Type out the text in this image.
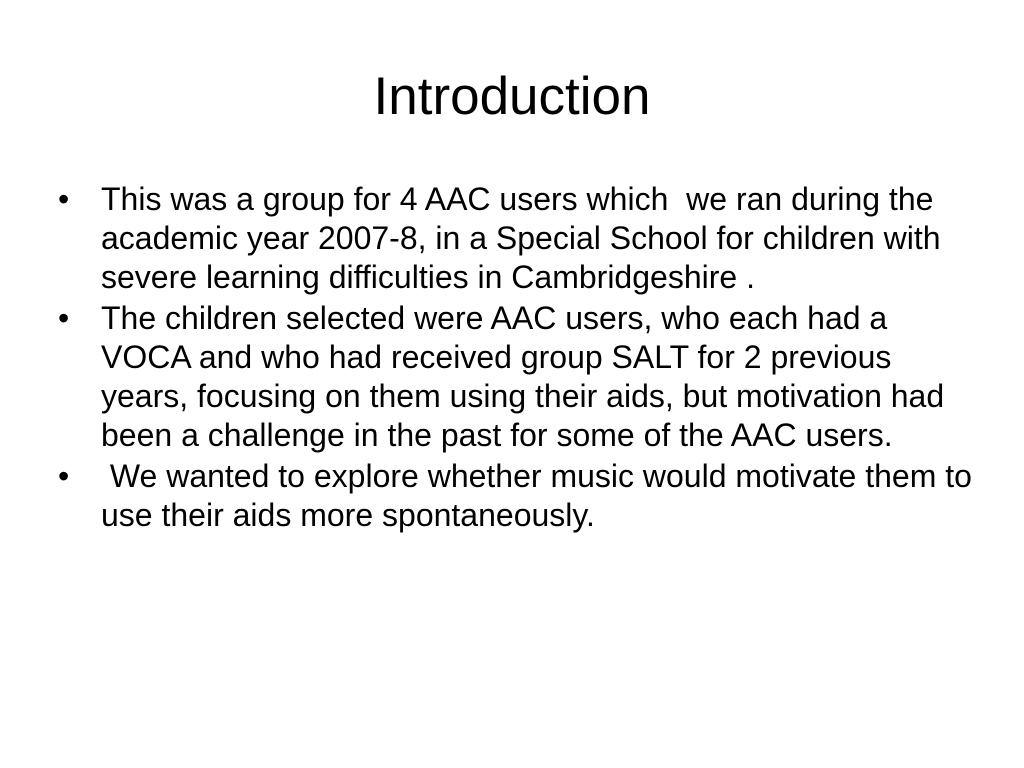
Introduction
• This was a group for 4 AAC users which  we ran during the academic year 2007-8, in a Special School for children with severe learning difficulties in Cambridgeshire .
• The children selected were AAC users, who each had a VOCA and who had received group SALT for 2 previous years, focusing on them using their aids, but motivation had been a challenge in the past for some of the AAC users.
• We wanted to explore whether music would motivate them to use their aids more spontaneously.
